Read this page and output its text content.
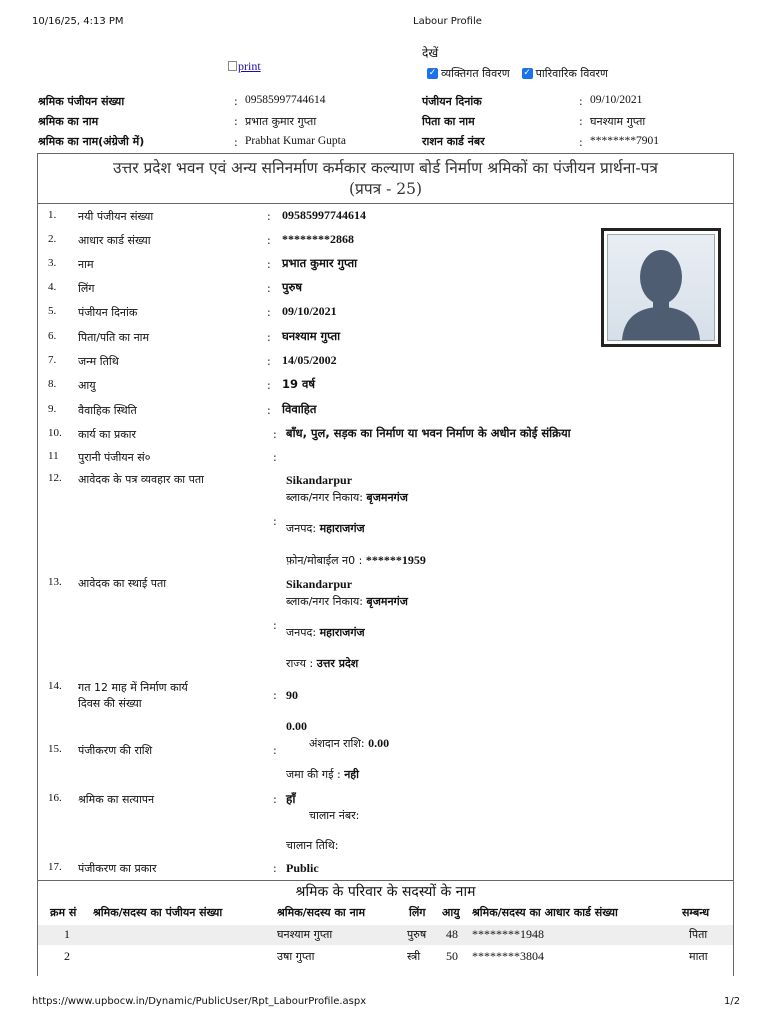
10/16/25, 4:13 PM	Labour Profile
https://www.upbocw.in/Dynamic/PublicUser/Rpt_LabourProfile.aspx	1/2
print
देखें
✓ व्यक्तिगत विवरण ✓ पारिवारिक विवरण
श्रमिक पंजीयन संख्या	: 09585997744614
श्रमिक का नाम	: प्रभात कुमार गुप्ता
श्रमिक का नाम(अंग्रेजी में)	: Prabhat Kumar Gupta
पंजीयन दिनांक	: 09/10/2021
पिता का नाम	: घनश्याम गुप्ता
राशन कार्ड नंबर	: ********7901
उत्तर प्रदेश भवन एवं अन्य सनिनर्माण कर्मकार कल्याण बोर्ड निर्माण श्रमिकों का पंजीयन प्रार्थना-पत्र
(प्रपत्र - 25)
1. नयी पंजीयन संख्या	: 09585997744614
2. आधार कार्ड संख्या	: ********2868
3. नाम	: प्रभात कुमार गुप्ता
4. लिंग	: पुरुष
5. पंजीयन दिनांक	: 09/10/2021
6. पिता/पति का नाम	: घनश्याम गुप्ता
7. जन्म तिथि	: 14/05/2002
8. आयु	: 19 वर्ष
9. वैवाहिक स्थिति	: विवाहित
10. कार्य का प्रकार	: बाँध, पुल, सड़क का निर्माण या भवन निर्माण के अधीन कोई संक्रिया
11 पुरानी पंजीयन सं०	:
12. आवेदक के पत्र व्यवहार का पता
:
Sikandarpur
ब्लाक/नगर निकाय: बृजमनगंज
जनपद: महाराजगंज
फ़ोन/मोबाईल न0 : ******1959
13. आवेदक का स्थाई पता
:
Sikandarpur
ब्लाक/नगर निकाय: बृजमनगंज
जनपद: महाराजगंज
राज्य : उत्तर प्रदेश
14. गत 12 माह में निर्माण कार्य
दिवस की संख्या
: 90
15. पंजीकरण की राशि	:
0.00
अंशदान राशि: 0.00
जमा की गई : नही
16. श्रमिक का सत्यापन	: हाँ
चालान नंबर:
चालान तिथि:
17. पंजीकरण का प्रकार	: Public
श्रमिक के परिवार के सदस्यों के नाम
क्रम सं श्रमिक/सदस्य का पंजीयन संख्या	श्रमिक/सदस्य का नाम	लिंग आयु श्रमिक/सदस्य का आधार कार्ड संख्या	सम्बन्ध
1	घनश्याम गुप्ता	पुरुष 48 ********1948	पिता
2	उषा गुप्ता	स्त्री 50 ********3804	माता
